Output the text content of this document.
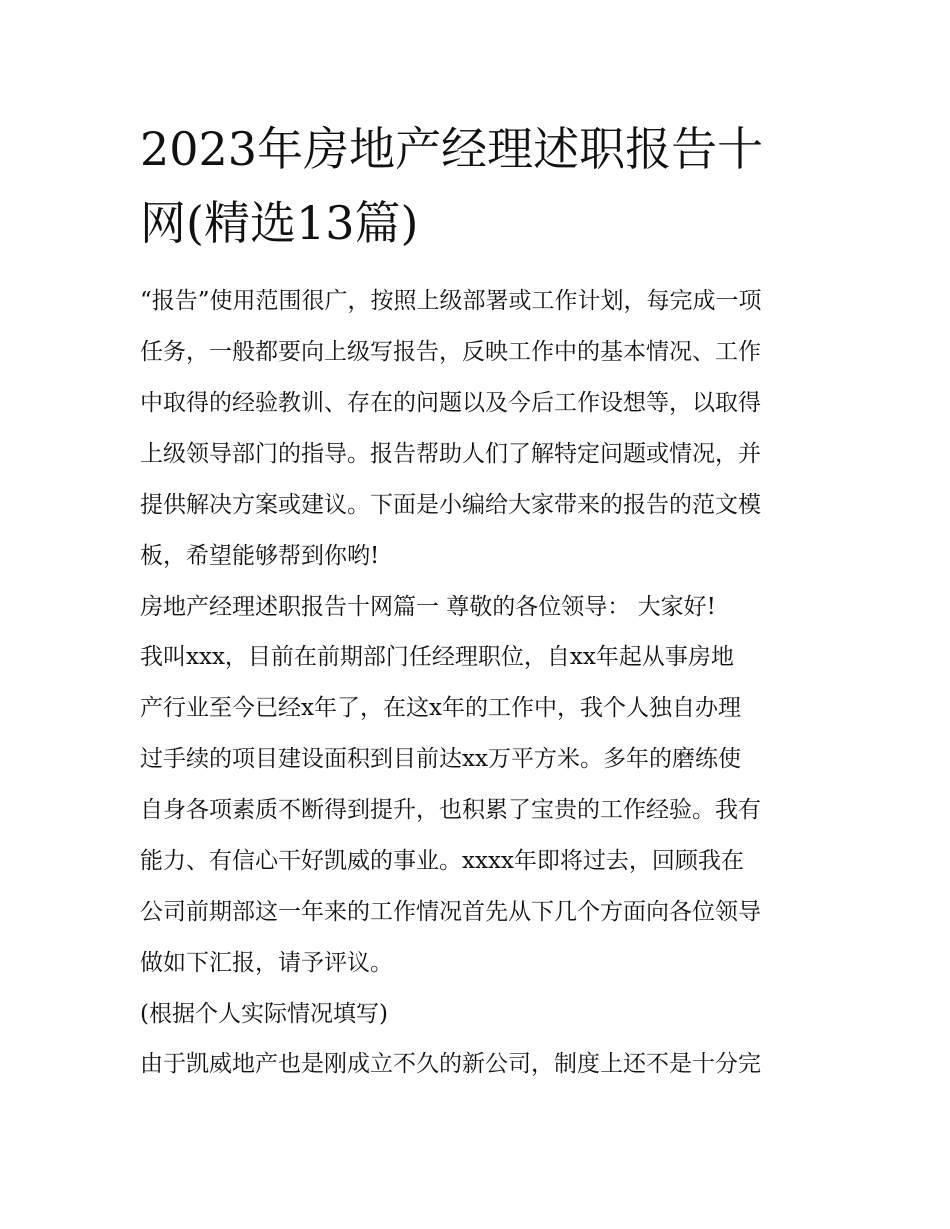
2023年房地产经理述职报告十
网(精选13篇)

“报告”使用范围很广，按照上级部署或工作计划，每完成一项
任务，一般都要向上级写报告，反映工作中的基本情况、工作
中取得的经验教训、存在的问题以及今后工作设想等，以取得
上级领导部门的指导。报告帮助人们了解特定问题或情况，并
提供解决方案或建议。下面是小编给大家带来的报告的范文模
板，希望能够帮到你哟!

房地产经理述职报告十网篇一 尊敬的各位领导： 大家好!

我叫xxx，目前在前期部门任经理职位，自xx年起从事房地
产行业至今已经x年了，在这x年的工作中，我个人独自办理
过手续的项目建设面积到目前达xx万平方米。多年的磨练使
自身各项素质不断得到提升，也积累了宝贵的工作经验。我有
能力、有信心干好凯威的事业。xxxx年即将过去，回顾我在
公司前期部这一年来的工作情况首先从下几个方面向各位领导
做如下汇报，请予评议。

(根据个人实际情况填写)

由于凯威地产也是刚成立不久的新公司，制度上还不是十分完
